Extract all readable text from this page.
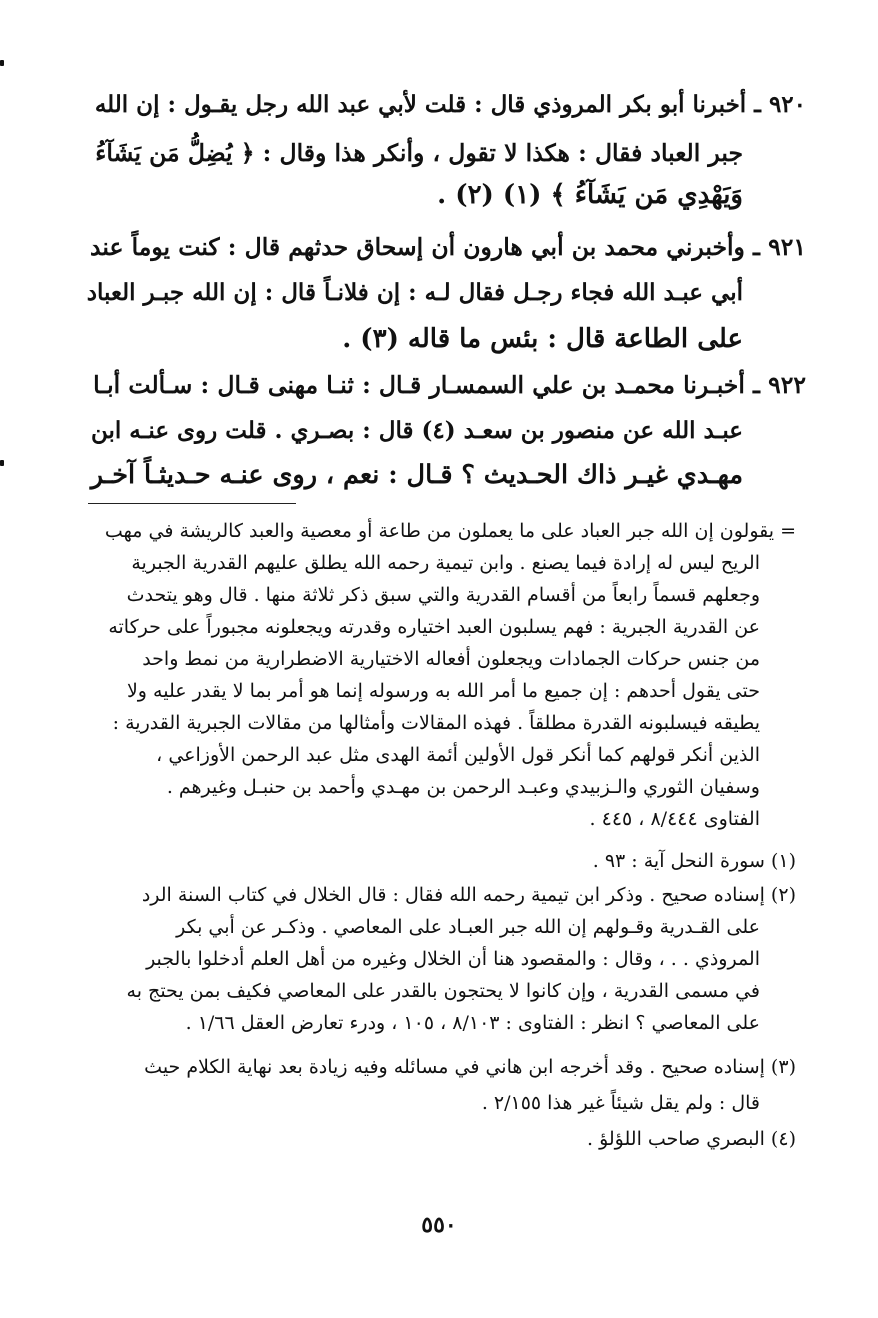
٩٢٠ ـ أخبرنا أبو بكر المروذي قال : قلت لأبي عبد الله رجل يقـول : إن الله
جبر العباد فقال : هكذا لا تقول ، وأنكر هذا وقال : ﴿ يُضِلُّ مَن يَشَآءُ
وَيَهْدِي مَن يَشَآءُ ﴾ (١) (٢) .
٩٢١ ـ وأخبرني محمد بن أبي هارون أن إسحاق حدثهم قال : كنت يوماً عند
أبي عبـد الله فجاء رجـل فقال لـه : إن فلانـاً قال : إن الله جبـر العباد
على الطاعة قال : بئس ما قاله (٣) .
٩٢٢ ـ أخبـرنا محمـد بن علي السمسـار قـال : ثنـا مهنى قـال : سـألت أبـا
عبـد الله عن منصور بن سعـد (٤) قال : بصـري . قلت روى عنـه ابن
مهـدي غيـر ذاك الحـديث ؟ قـال : نعم ، روى عنـه حـديثـاً آخـر
= يقولون إن الله جبر العباد على ما يعملون من طاعة أو معصية والعبد كالريشة في مهب
الريح ليس له إرادة فيما يصنع . وابن تيمية رحمه الله يطلق عليهم القدرية الجبرية
وجعلهم قسماً رابعاً من أقسام القدرية والتي سبق ذكر ثلاثة منها . قال وهو يتحدث
عن القدرية الجبرية : فهم يسلبون العبد اختياره وقدرته ويجعلونه مجبوراً على حركاته
من جنس حركات الجمادات ويجعلون أفعاله الاختيارية الاضطرارية من نمط واحد
حتى يقول أحدهم : إن جميع ما أمر الله به ورسوله إنما هو أمر بما لا يقدر عليه ولا
يطيقه فيسلبونه القدرة مطلقاً . فهذه المقالات وأمثالها من مقالات الجبرية القدرية :
الذين أنكر قولهم كما أنكر قول الأولين أئمة الهدى مثل عبد الرحمن الأوزاعي ،
وسفيان الثوري والـزبيدي وعبـد الرحمن بن مهـدي وأحمد بن حنبـل وغيرهم .
الفتاوى ٨/٤٤٤ ، ٤٤٥ .
(١) سورة النحل آية : ٩٣ .
(٢) إسناده صحيح . وذكر ابن تيمية رحمه الله فقال : قال الخلال في كتاب السنة الرد
على القـدرية وقـولهم إن الله جبر العبـاد على المعاصي . وذكـر عن أبي بكر
المروذي . . ، وقال : والمقصود هنا أن الخلال وغيره من أهل العلم أدخلوا بالجبر
في مسمى القدرية ، وإن كانوا لا يحتجون بالقدر على المعاصي فكيف بمن يحتج به
على المعاصي ؟ انظر : الفتاوى : ٨/١٠٣ ، ١٠٥ ، ودرء تعارض العقل ١/٦٦ .
(٣) إسناده صحيح . وقد أخرجه ابن هاني في مسائله وفيه زيادة بعد نهاية الكلام حيث
قال : ولم يقل شيئاً غير هذا ٢/١٥٥ .
(٤) البصري صاحب اللؤلؤ .
٥٥٠
